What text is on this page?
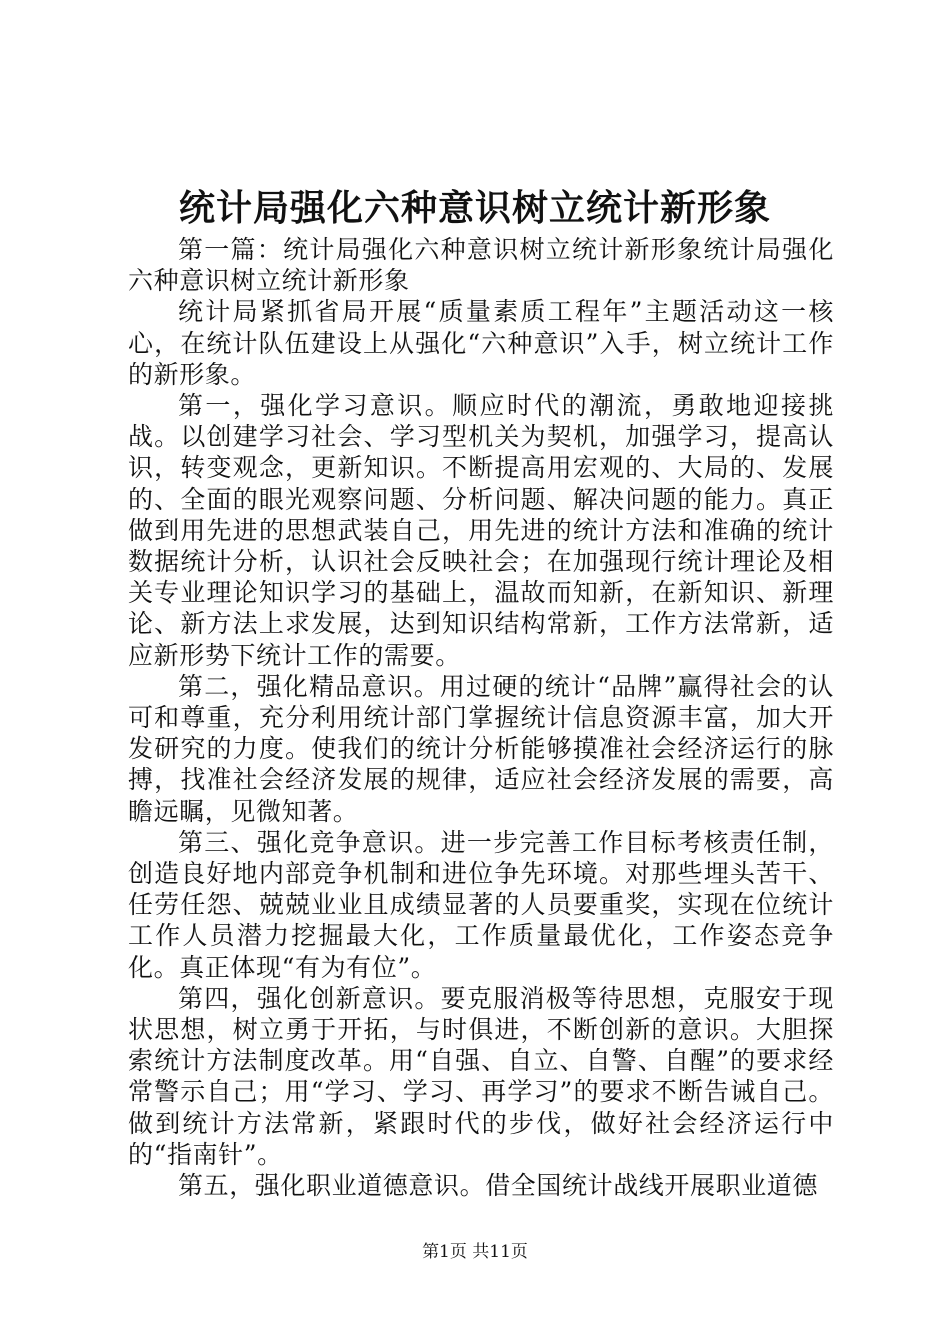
统计局强化六种意识树立统计新形象

第一篇：统计局强化六种意识树立统计新形象统计局强化六种意识树立统计新形象

统计局紧抓省局开展“质量素质工程年”主题活动这一核心，在统计队伍建设上从强化“六种意识”入手，树立统计工作的新形象。

第一，强化学习意识。顺应时代的潮流，勇敢地迎接挑战。以创建学习社会、学习型机关为契机，加强学习，提高认识，转变观念，更新知识。不断提高用宏观的、大局的、发展的、全面的眼光观察问题、分析问题、解决问题的能力。真正做到用先进的思想武装自己，用先进的统计方法和准确的统计数据统计分析，认识社会反映社会；在加强现行统计理论及相关专业理论知识学习的基础上，温故而知新，在新知识、新理论、新方法上求发展，达到知识结构常新，工作方法常新，适应新形势下统计工作的需要。

第二，强化精品意识。用过硬的统计“品牌”赢得社会的认可和尊重，充分利用统计部门掌握统计信息资源丰富，加大开发研究的力度。使我们的统计分析能够摸准社会经济运行的脉搏，找准社会经济发展的规律，适应社会经济发展的需要，高瞻远瞩，见微知著。

第三、强化竞争意识。进一步完善工作目标考核责任制，创造良好地内部竞争机制和进位争先环境。对那些埋头苦干、任劳任怨、兢兢业业且成绩显著的人员要重奖，实现在位统计工作人员潜力挖掘最大化，工作质量最优化，工作姿态竞争化。真正体现“有为有位”。

第四，强化创新意识。要克服消极等待思想，克服安于现状思想，树立勇于开拓，与时俱进，不断创新的意识。大胆探索统计方法制度改革。用“自强、自立、自警、自醒”的要求经常警示自己；用“学习、学习、再学习”的要求不断告诫自己。做到统计方法常新，紧跟时代的步伐，做好社会经济运行中的“指南针”。

第五，强化职业道德意识。借全国统计战线开展职业道德

第1页 共11页
